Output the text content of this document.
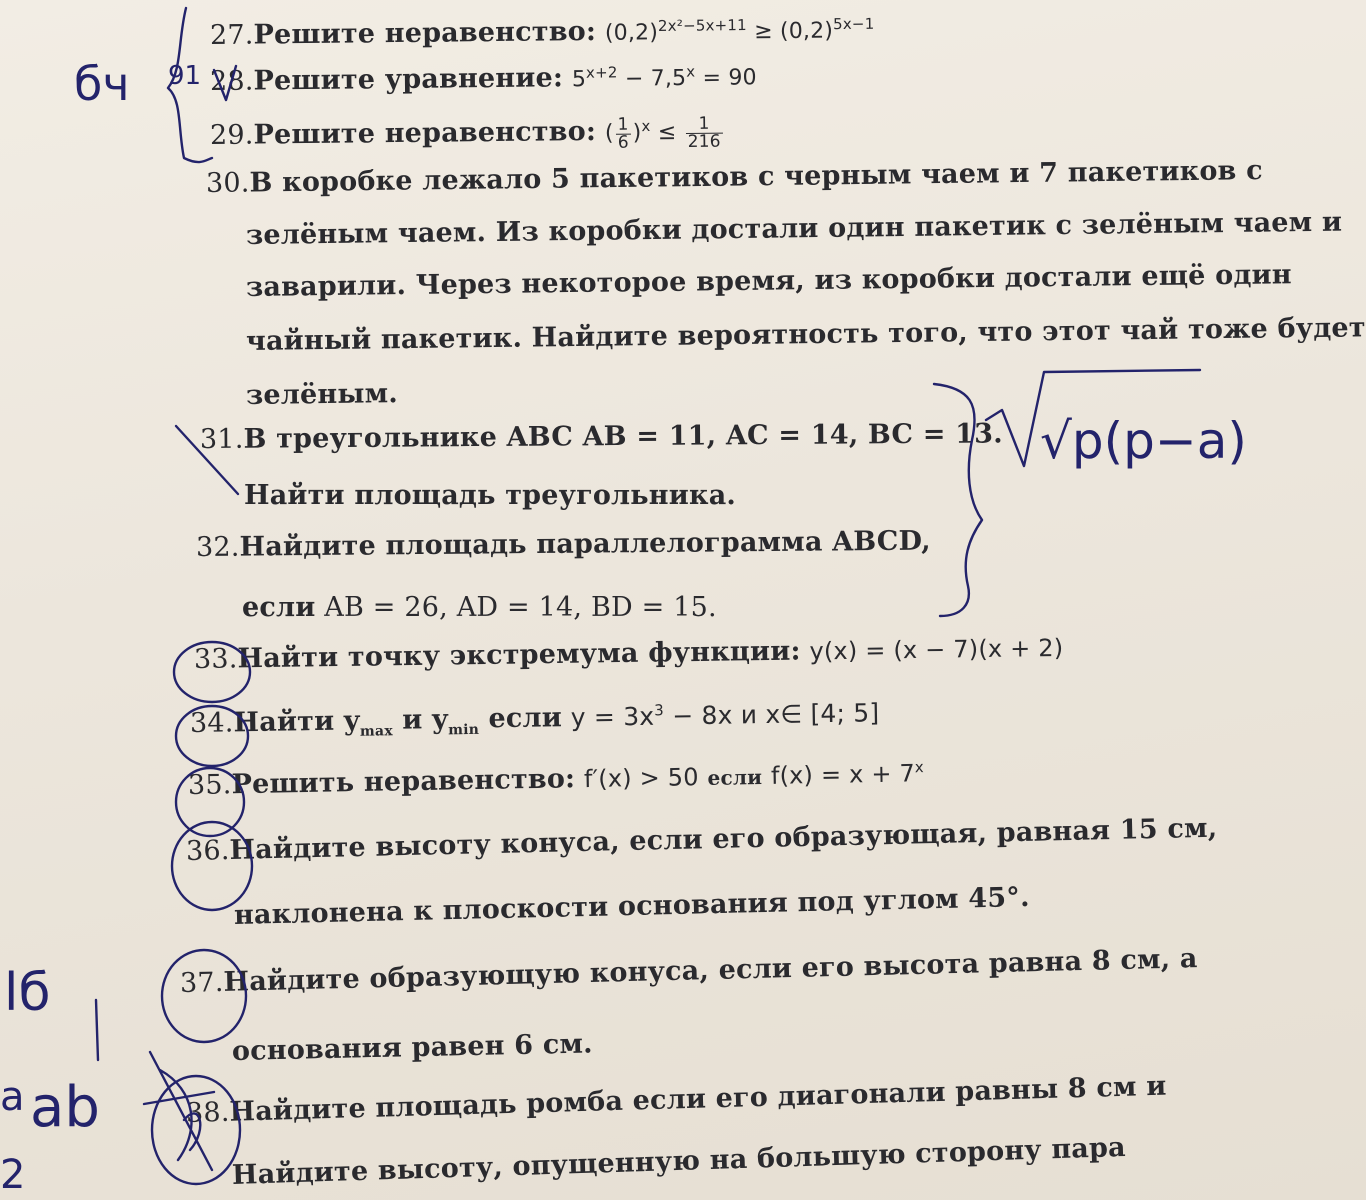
27.Решите неравенство: $(0,2)^{2x^2-5x+11} \ge (0,2)^{5x-1}$
28.Решите уравнение: $5^{x+2} - 7,5^x = 90$
29.Решите неравенство: ( $\frac{1}{6} )^x \le \frac{1}{216}$
30.В коробке лежало 5 пакетиков с черным чаем и 7 пакетиков с
зелёным чаем. Из коробки достали один пакетик с зелёным чаем и
заварили. Через некоторое время, из коробки достали ещё один
чайный пакетик. Найдите вероятность того, что этот чай тоже будет
зелёным.
31.В треугольнике ABC AB = 11, AC = 14, BC = 13.
Найти площадь треугольника.
32.Найдите площадь параллелограмма ABCD,
если AB = 26, AD = 14, BD = 15.
33.Найти точку экстремума функции: y(x) = (x − 7)(x + 2)
34.Найти $y_{max}$ и $y_{min}$ если $y = 3x^3 - 8x$ и x∈ [4; 5]
35.Решить неравенство: f′(x) > 50 если $f(x) = x + 7^x$
36.Найдите высоту конуса, если его образующая, равная 15 см,
наклонена к плоскости основания под углом 45°.
37.Найдите образующую конуса, если его высота равна 8 см, а
основания равен 6 см.
38.Найдите площадь ромба если его диагонали равны 8 см и
Найдите высоту, опущенную на большую сторону пара
бч 91
√p(p−a)
lб
ab
a
2
